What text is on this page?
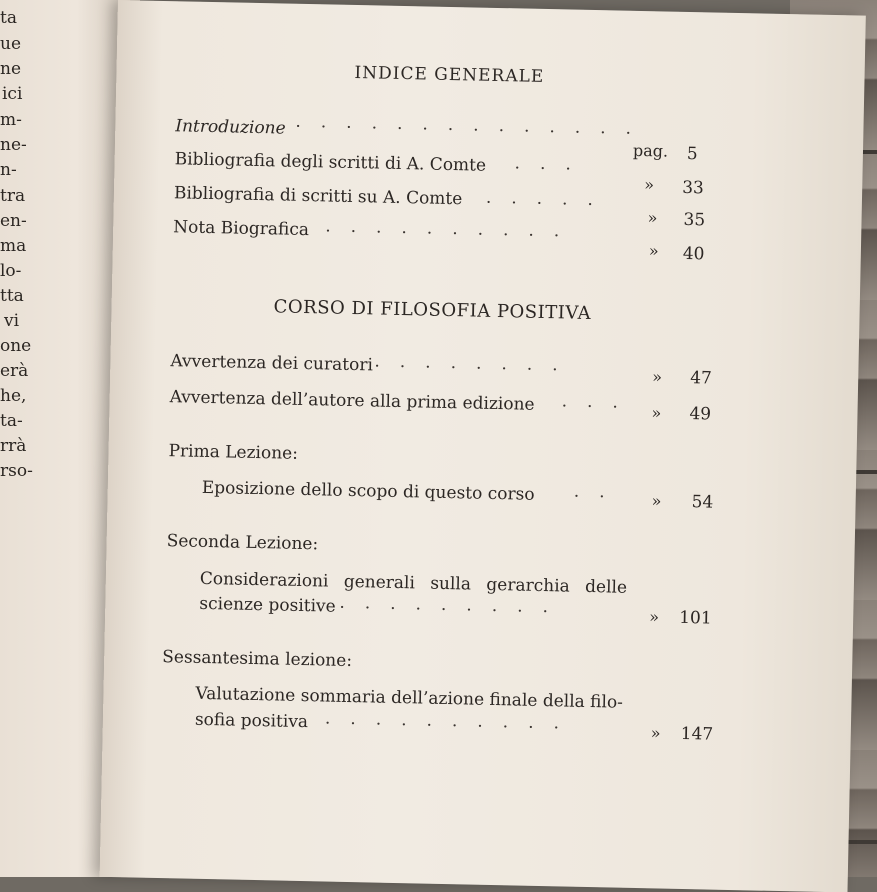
ta
ue
ne
ici
m-
ne-
n-
tra
en-
ma
lo-
tta
vi
one
erà
he,
ta-
rrà
rso-
INDICE GENERALE
Introduzione ..............
pag. 5
Bibliografia degli scritti di A. Comte ...
» 33
Bibliografia di scritti su A. Comte .....
» 35
Nota Biografica ..........
» 40
CORSO DI FILOSOFIA POSITIVA
Avvertenza dei curatori ........
» 47
Avvertenza dell’autore alla prima edizione ... » 49
Prima Lezione:
Eposizione dello scopo di questo corso .. » 54
Seconda Lezione:
Considerazioni generali sulla gerarchia delle
scienze positive .........	» 101
Sessantesima lezione:
Valutazione sommaria dell’azione finale della filo-
sofia positiva ..........	» 147
